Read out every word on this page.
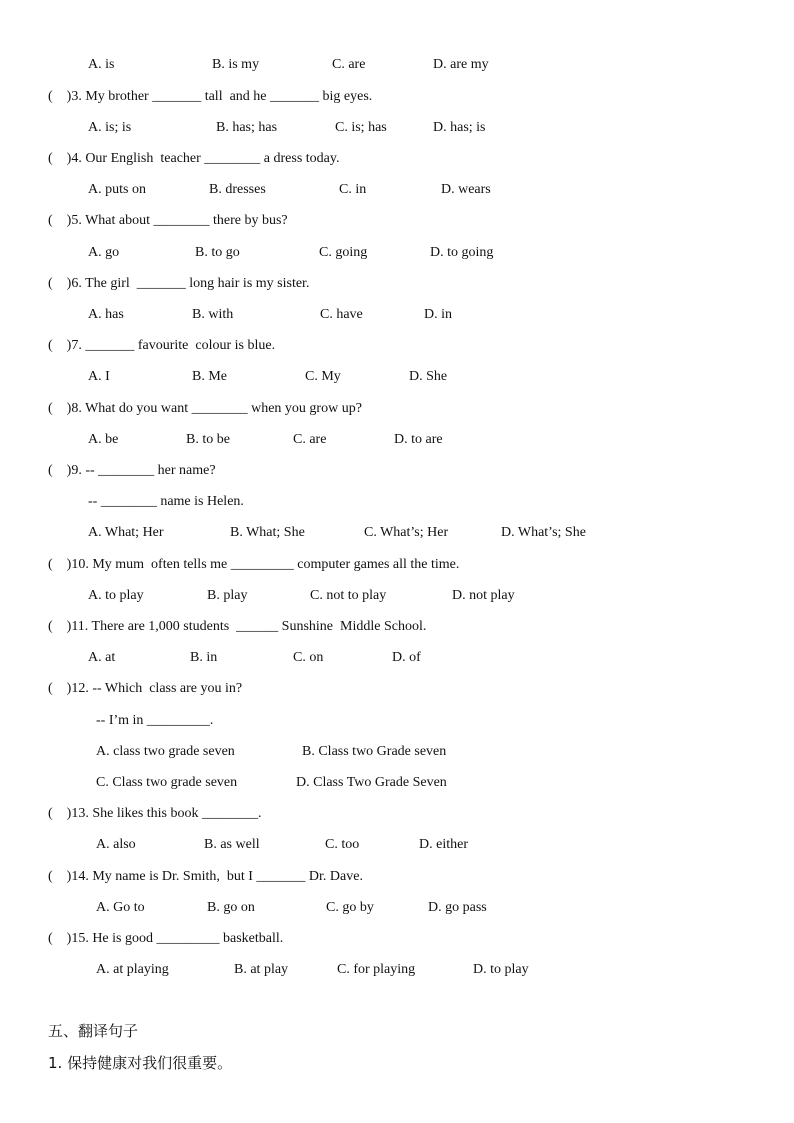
A. is	B. is my	C. are	D. are my
(    )3. My brother _______ tall  and he _______ big eyes.
A. is; is	B. has; has	C. is; has	D. has; is
(    )4. Our English  teacher ________ a dress today.
A. puts on	B. dresses	C. in	D. wears
(    )5. What about ________ there by bus?
A. go	B. to go	C. going	D. to going
(    )6. The girl  _______ long hair is my sister.
A. has	B. with	C. have	D. in
(    )7. _______ favourite  colour is blue.
A. I	B. Me	C. My	D. She
(    )8. What do you want ________ when you grow up?
A. be	B. to be	C. are	D. to are
(    )9. -- ________ her name?
-- ________ name is Helen.
A. What; Her	B. What; She	C. What’s; Her	D. What’s; She
(    )10. My mum  often tells me _________ computer games all the time.
A. to play	B. play	C. not to play	D. not play
(    )11. There are 1,000 students  ______ Sunshine  Middle School.
A. at	B. in	C. on	D. of
(    )12. -- Which  class are you in?
-- I’m in _________.
A. class two grade seven	B. Class two Grade seven
C. Class two grade seven	D. Class Two Grade Seven
(    )13. She likes this book ________.
A. also	B. as well	C. too	D. either
(    )14. My name is Dr. Smith,  but I _______ Dr. Dave.
A. Go to	B. go on	C. go by	D. go pass
(    )15. He is good _________ basketball.
A. at playing	B. at play	C. for playing	D. to play
五、翻译句子
1. 保持健康对我们很重要。
